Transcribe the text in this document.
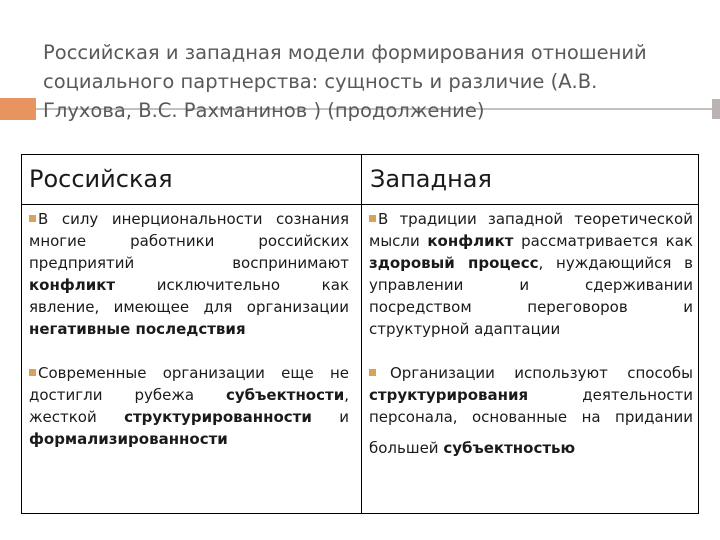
Российская и западная модели формирования отношений
социального партнерства: сущность и различие (А.В.
Глухова, В.С. Рахманинов ) (продолжение)
Российская	Западная
В силу инерциональности сознания
многие работники российских
предприятий воспринимают
конфликт исключительно как
явление, имеющее для организации
негативные последствия
В традиции западной теоретической
мысли конфликт рассматривается как
здоровый процесс, нуждающийся в
управлении и сдерживании
посредством переговоров и
структурной адаптации
Современные организации еще не
достигли рубежа субъектности,
жесткой структурированности и
формализированности
Организации используют способы
структурирования деятельности
персонала, основанные на придании
большей субъектностью
